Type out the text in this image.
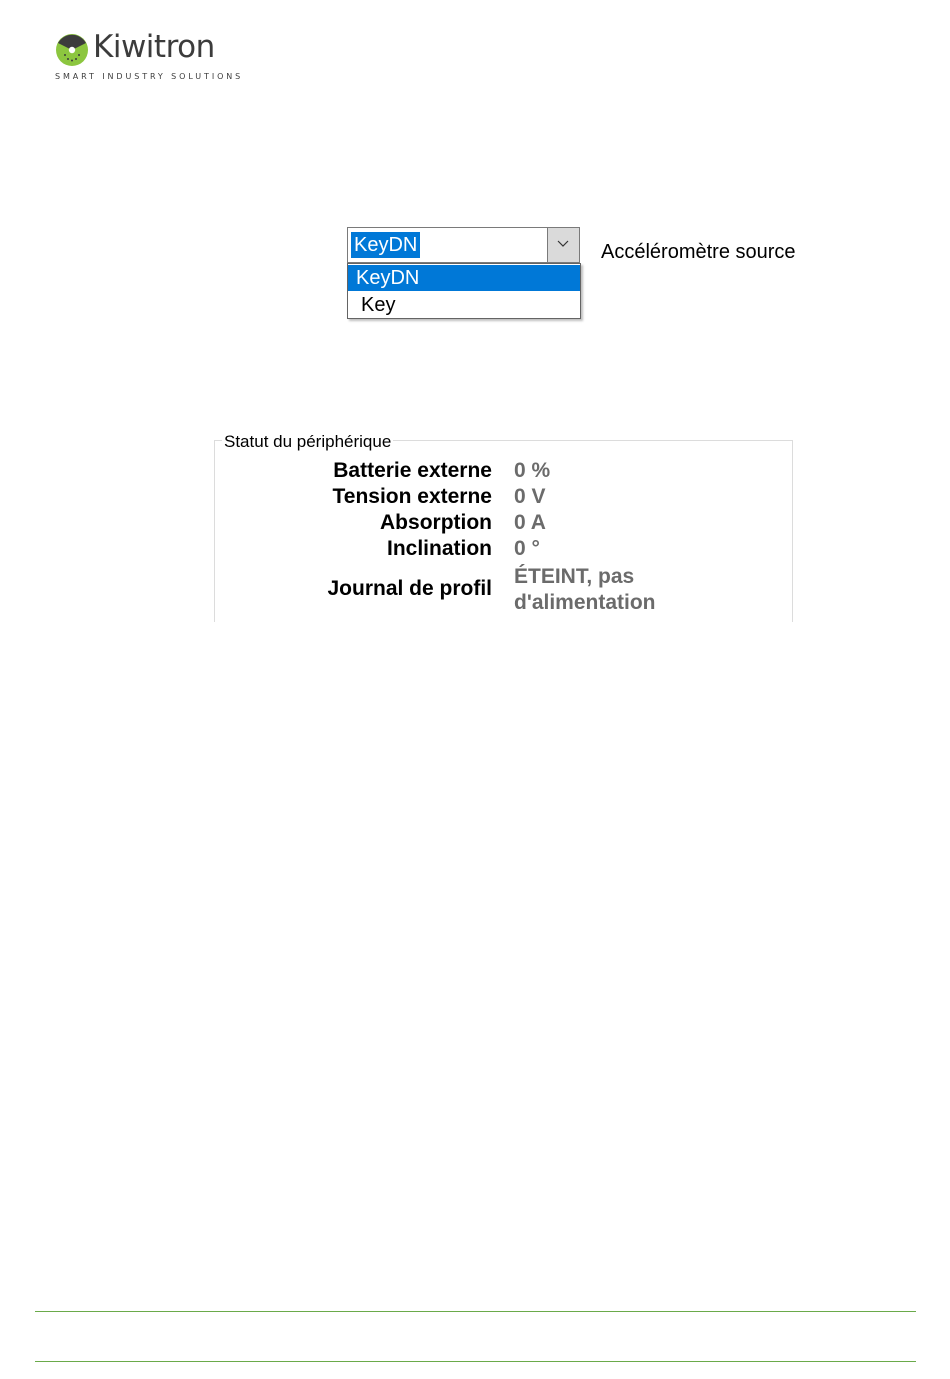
Kiwitron
SMART INDUSTRY SOLUTIONS
KeyDN
KeyDN
Key
Accéléromètre source
Statut du périphérique
Batterie externe 0 %
Tension externe 0 V
Absorption 0 A
Inclination 0 °
Journal de profil
ÉTEINT, pas d'alimentation
